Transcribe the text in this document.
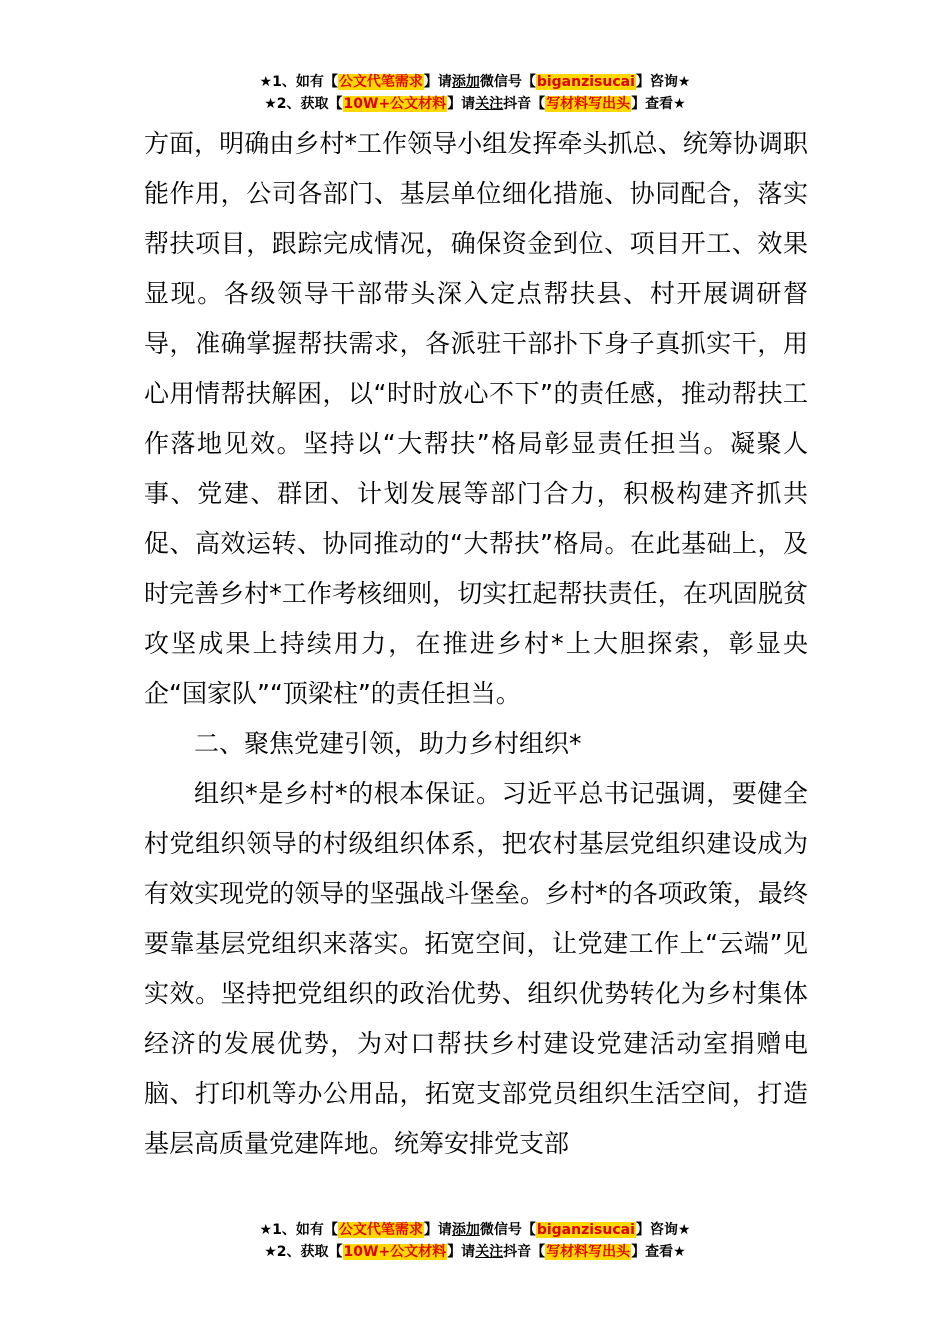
★1、如有【公文代笔需求】请添加微信号【biganzisucai】咨询★
★2、获取【10W+公文材料】请关注抖音【写材料写出头】查看★

方面，明确由乡村*工作领导小组发挥牵头抓总、统筹协调职能作用，公司各部门、基层单位细化措施、协同配合，落实帮扶项目，跟踪完成情况，确保资金到位、项目开工、效果显现。各级领导干部带头深入定点帮扶县、村开展调研督导，准确掌握帮扶需求，各派驻干部扑下身子真抓实干，用心用情帮扶解困，以“时时放心不下”的责任感，推动帮扶工作落地见效。坚持以“大帮扶”格局彰显责任担当。凝聚人事、党建、群团、计划发展等部门合力，积极构建齐抓共促、高效运转、协同推动的“大帮扶”格局。在此基础上，及时完善乡村*工作考核细则，切实扛起帮扶责任，在巩固脱贫攻坚成果上持续用力，在推进乡村*上大胆探索，彰显央企“国家队”“顶梁柱”的责任担当。

二、聚焦党建引领，助力乡村组织*

组织*是乡村*的根本保证。习近平总书记强调，要健全村党组织领导的村级组织体系，把农村基层党组织建设成为有效实现党的领导的坚强战斗堡垒。乡村*的各项政策，最终要靠基层党组织来落实。拓宽空间，让党建工作上“云端”见实效。坚持把党组织的政治优势、组织优势转化为乡村集体经济的发展优势，为对口帮扶乡村建设党建活动室捐赠电脑、打印机等办公用品，拓宽支部党员组织生活空间，打造基层高质量党建阵地。统筹安排党支部

★1、如有【公文代笔需求】请添加微信号【biganzisucai】咨询★
★2、获取【10W+公文材料】请关注抖音【写材料写出头】查看★
